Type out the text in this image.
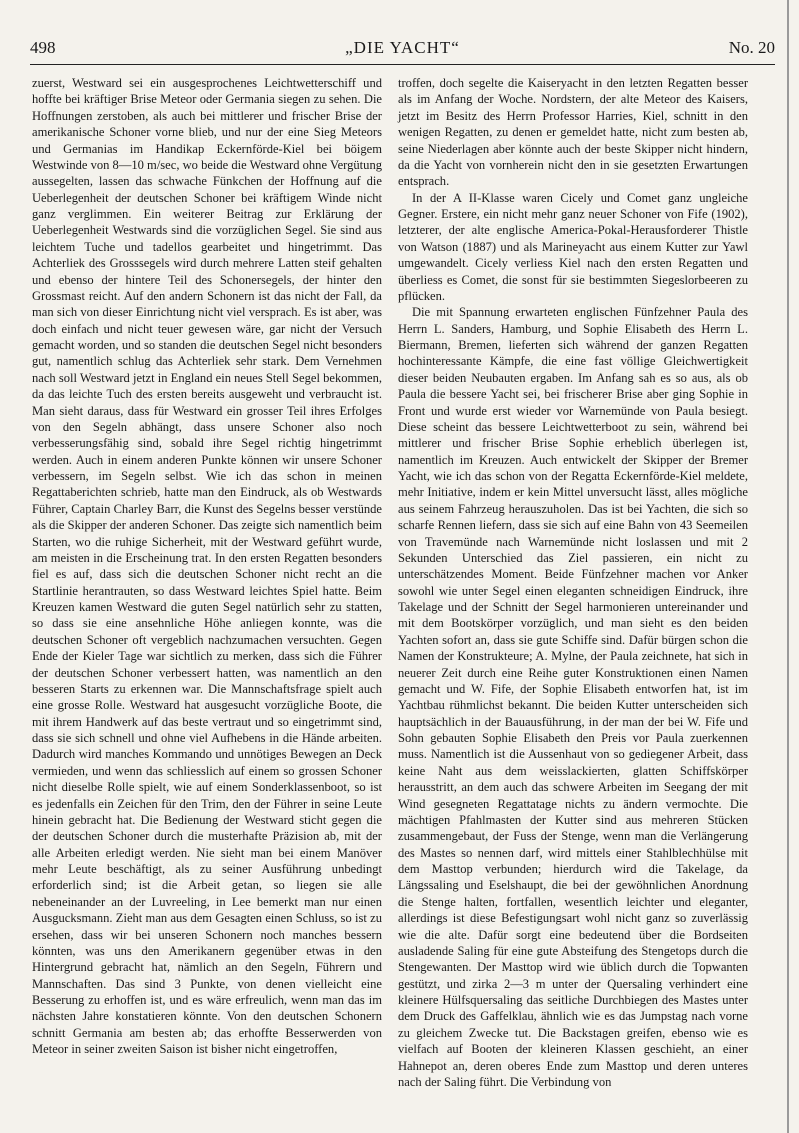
498	„DIE YACHT“	No. 20

zuerst, Westward sei ein ausgesprochenes Leichtwetterschiff und hoffte bei kräftiger Brise Meteor oder Germania siegen zu sehen. Die Hoffnungen zerstoben, als auch bei mittlerer und frischer Brise der amerikanische Schoner vorne blieb, und nur der eine Sieg Meteors und Germanias im Handikap Eckernförde-Kiel bei böigem Westwinde von 8—10 m/sec, wo beide die Westward ohne Vergütung aussegelten, lassen das schwache Fünkchen der Hoffnung auf die Ueberlegenheit der deutschen Schoner bei kräftigem Winde nicht ganz verglimmen. Ein weiterer Beitrag zur Erklärung der Ueberlegenheit Westwards sind die vorzüglichen Segel. Sie sind aus leichtem Tuche und tadellos gearbeitet und hingetrimmt. Das Achterliek des Grosssegels wird durch mehrere Latten steif gehalten und ebenso der hintere Teil des Schonersegels, der hinter den Grossmast reicht. Auf den andern Schonern ist das nicht der Fall, da man sich von dieser Einrichtung nicht viel versprach. Es ist aber, was doch einfach und nicht teuer gewesen wäre, gar nicht der Versuch gemacht worden, und so standen die deutschen Segel nicht besonders gut, namentlich schlug das Achterliek sehr stark. Dem Vernehmen nach soll Westward jetzt in England ein neues Stell Segel bekommen, da das leichte Tuch des ersten bereits ausgeweht und verbraucht ist. Man sieht daraus, dass für Westward ein grosser Teil ihres Erfolges von den Segeln abhängt, dass unsere Schoner also noch verbesserungsfähig sind, sobald ihre Segel richtig hingetrimmt werden. Auch in einem anderen Punkte können wir unsere Schoner verbessern, im Segeln selbst. Wie ich das schon in meinen Regattaberichten schrieb, hatte man den Eindruck, als ob Westwards Führer, Captain Charley Barr, die Kunst des Segelns besser verstünde als die Skipper der anderen Schoner. Das zeigte sich namentlich beim Starten, wo die ruhige Sicherheit, mit der Westward geführt wurde, am meisten in die Erscheinung trat. In den ersten Regatten besonders fiel es auf, dass sich die deutschen Schoner nicht recht an die Startlinie herantrauten, so dass Westward leichtes Spiel hatte. Beim Kreuzen kamen Westward die guten Segel natürlich sehr zu statten, so dass sie eine ansehnliche Höhe anliegen konnte, was die deutschen Schoner oft vergeblich nachzumachen versuchten. Gegen Ende der Kieler Tage war sichtlich zu merken, dass sich die Führer der deutschen Schoner verbessert hatten, was namentlich an den besseren Starts zu erkennen war. Die Mannschaftsfrage spielt auch eine grosse Rolle. Westward hat ausgesucht vorzügliche Boote, die mit ihrem Handwerk auf das beste vertraut und so eingetrimmt sind, dass sie sich schnell und ohne viel Aufhebens in die Hände arbeiten. Dadurch wird manches Kommando und unnötiges Bewegen an Deck vermieden, und wenn das schliesslich auf einem so grossen Schoner nicht dieselbe Rolle spielt, wie auf einem Sonderklassenboot, so ist es jedenfalls ein Zeichen für den Trim, den der Führer in seine Leute hinein gebracht hat. Die Bedienung der Westward sticht gegen die der deutschen Schoner durch die musterhafte Präzision ab, mit der alle Arbeiten erledigt werden. Nie sieht man bei einem Manöver mehr Leute beschäftigt, als zu seiner Ausführung unbedingt erforderlich sind; ist die Arbeit getan, so liegen sie alle nebeneinander an der Luvreeling, in Lee bemerkt man nur einen Ausgucksmann. Zieht man aus dem Gesagten einen Schluss, so ist zu ersehen, dass wir bei unseren Schonern noch manches bessern könnten, was uns den Amerikanern gegenüber etwas in den Hintergrund gebracht hat, nämlich an den Segeln, Führern und Mannschaften. Das sind 3 Punkte, von denen vielleicht eine Besserung zu erhoffen ist, und es wäre erfreulich, wenn man das im nächsten Jahre konstatieren könnte. Von den deutschen Schonern schnitt Germania am besten ab; das erhoffte Besserwerden von Meteor in seiner zweiten Saison ist bisher nicht eingetroffen,

troffen, doch segelte die Kaiseryacht in den letzten Regatten besser als im Anfang der Woche. Nordstern, der alte Meteor des Kaisers, jetzt im Besitz des Herrn Professor Harries, Kiel, schnitt in den wenigen Regatten, zu denen er gemeldet hatte, nicht zum besten ab, seine Niederlagen aber könnte auch der beste Skipper nicht hindern, da die Yacht von vornherein nicht den in sie gesetzten Erwartungen entsprach.

In der A II-Klasse waren Cicely und Comet ganz ungleiche Gegner. Erstere, ein nicht mehr ganz neuer Schoner von Fife (1902), letzterer, der alte englische America-Pokal-Herausforderer Thistle von Watson (1887) und als Marineyacht aus einem Kutter zur Yawl umgewandelt. Cicely verliess Kiel nach den ersten Regatten und überliess es Comet, die sonst für sie bestimmten Siegeslorbeeren zu pflücken.

Die mit Spannung erwarteten englischen Fünfzehner Paula des Herrn L. Sanders, Hamburg, und Sophie Elisabeth des Herrn L. Biermann, Bremen, lieferten sich während der ganzen Regatten hochinteressante Kämpfe, die eine fast völlige Gleichwertigkeit dieser beiden Neubauten ergaben. Im Anfang sah es so aus, als ob Paula die bessere Yacht sei, bei frischerer Brise aber ging Sophie in Front und wurde erst wieder vor Warnemünde von Paula besiegt. Diese scheint das bessere Leichtwetterboot zu sein, während bei mittlerer und frischer Brise Sophie erheblich überlegen ist, namentlich im Kreuzen. Auch entwickelt der Skipper der Bremer Yacht, wie ich das schon von der Regatta Eckernförde-Kiel meldete, mehr Initiative, indem er kein Mittel unversucht lässt, alles mögliche aus seinem Fahrzeug herauszuholen. Das ist bei Yachten, die sich so scharfe Rennen liefern, dass sie sich auf eine Bahn von 43 Seemeilen von Travemünde nach Warnemünde nicht loslassen und mit 2 Sekunden Unterschied das Ziel passieren, ein nicht zu unterschätzendes Moment. Beide Fünfzehner machen vor Anker sowohl wie unter Segel einen eleganten schneidigen Eindruck, ihre Takelage und der Schnitt der Segel harmonieren untereinander und mit dem Bootskörper vorzüglich, und man sieht es den beiden Yachten sofort an, dass sie gute Schiffe sind. Dafür bürgen schon die Namen der Konstrukteure; A. Mylne, der Paula zeichnete, hat sich in neuerer Zeit durch eine Reihe guter Konstruktionen einen Namen gemacht und W. Fife, der Sophie Elisabeth entworfen hat, ist im Yachtbau rühmlichst bekannt. Die beiden Kutter unterscheiden sich hauptsächlich in der Bauausführung, in der man der bei W. Fife und Sohn gebauten Sophie Elisabeth den Preis vor Paula zuerkennen muss. Namentlich ist die Aussenhaut von so gediegener Arbeit, dass keine Naht aus dem weisslackierten, glatten Schiffskörper herausstritt, an dem auch das schwere Arbeiten im Seegang der mit Wind gesegneten Regattatage nichts zu ändern vermochte. Die mächtigen Pfahlmasten der Kutter sind aus mehreren Stücken zusammengebaut, der Fuss der Stenge, wenn man die Verlängerung des Mastes so nennen darf, wird mittels einer Stahlblechhülse mit dem Masttop verbunden; hierdurch wird die Takelage, da Längssaling und Eselshaupt, die bei der gewöhnlichen Anordnung die Stenge halten, fortfallen, wesentlich leichter und eleganter, allerdings ist diese Befestigungsart wohl nicht ganz so zuverlässig wie die alte. Dafür sorgt eine bedeutend über die Bordseiten ausladende Saling für eine gute Absteifung des Stengetops durch die Stengewanten. Der Masttop wird wie üblich durch die Topwanten gestützt, und zirka 2—3 m unter der Quersaling verhindert eine kleinere Hülfsquersaling das seitliche Durchbiegen des Mastes unter dem Druck des Gaffelklau, ähnlich wie es das Jumpstag nach vorne zu gleichem Zwecke tut. Die Backstagen greifen, ebenso wie es vielfach auf Booten der kleineren Klassen geschieht, an einer Hahnepot an, deren oberes Ende zum Masttop und deren unteres nach der Saling führt. Die Verbindung von
